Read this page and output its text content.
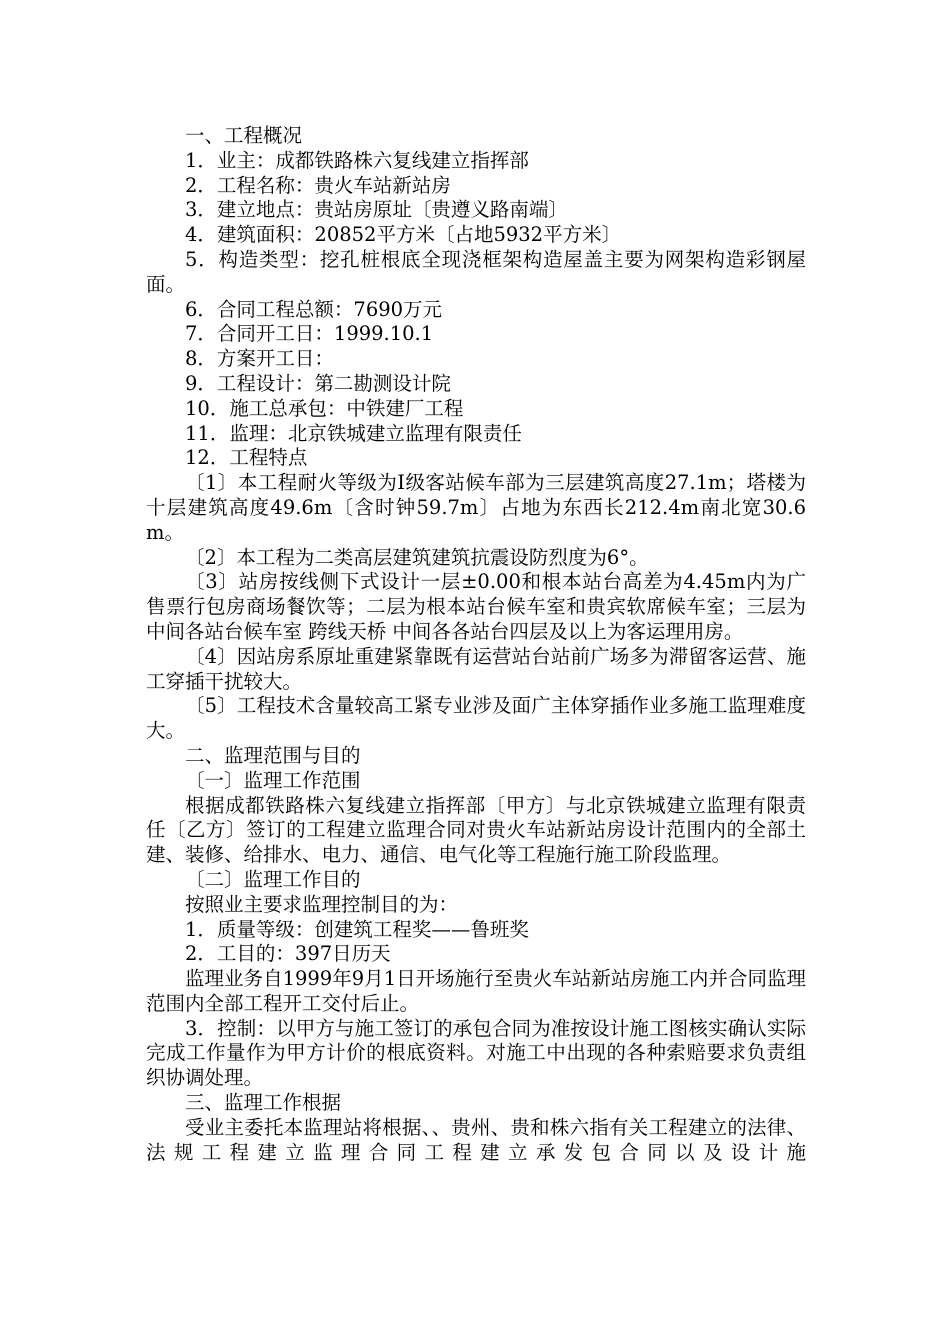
一、工程概况

1．业主：成都铁路株六复线建立指挥部

2．工程名称：贵火车站新站房

3．建立地点：贵站房原址〔贵遵义路南端〕

4．建筑面积：20852平方米〔占地5932平方米〕

5．构造类型：挖孔桩根底全现浇框架构造屋盖主要为网架构造彩钢屋面。

6．合同工程总额：7690万元

7．合同开工日：1999.10.1

8．方案开工日：

9．工程设计：第二勘测设计院

10．施工总承包：中铁建厂工程

11．监理：北京铁城建立监理有限责任

12．工程特点

〔1〕本工程耐火等级为Ⅰ级客站候车部为三层建筑高度27.1m；塔楼为十层建筑高度49.6m〔含时钟59.7m〕占地为东西长212.4m南北宽30.6m。

〔2〕本工程为二类高层建筑建筑抗震设防烈度为6°。

〔3〕站房按线侧下式设计一层±0.00和根本站台高差为4.45m内为广售票行包房商场餐饮等；二层为根本站台候车室和贵宾软席候车室；三层为中间各站台候车室 跨线天桥 中间各各站台四层及以上为客运理用房。

〔4〕因站房系原址重建紧靠既有运营站台站前广场多为滞留客运营、施工穿插干扰较大。

〔5〕工程技术含量较高工紧专业涉及面广主体穿插作业多施工监理难度大。

二、监理范围与目的

〔一〕监理工作范围

根据成都铁路株六复线建立指挥部〔甲方〕与北京铁城建立监理有限责任〔乙方〕签订的工程建立监理合同对贵火车站新站房设计范围内的全部土建、装修、给排水、电力、通信、电气化等工程施行施工阶段监理。

〔二〕监理工作目的

按照业主要求监理控制目的为：

1．质量等级：创建筑工程奖——鲁班奖

2．工目的：397日历天

监理业务自1999年9月1日开场施行至贵火车站新站房施工内并合同监理范围内全部工程开工交付后止。

3．控制：以甲方与施工签订的承包合同为准按设计施工图核实确认实际完成工作量作为甲方计价的根底资料。对施工中出现的各种索赔要求负责组织协调处理。

三、监理工作根据

受业主委托本监理站将根据、、贵州、贵和株六指有关工程建立的法律、法规工程建立监理合同工程建立承发包合同以及设计施
